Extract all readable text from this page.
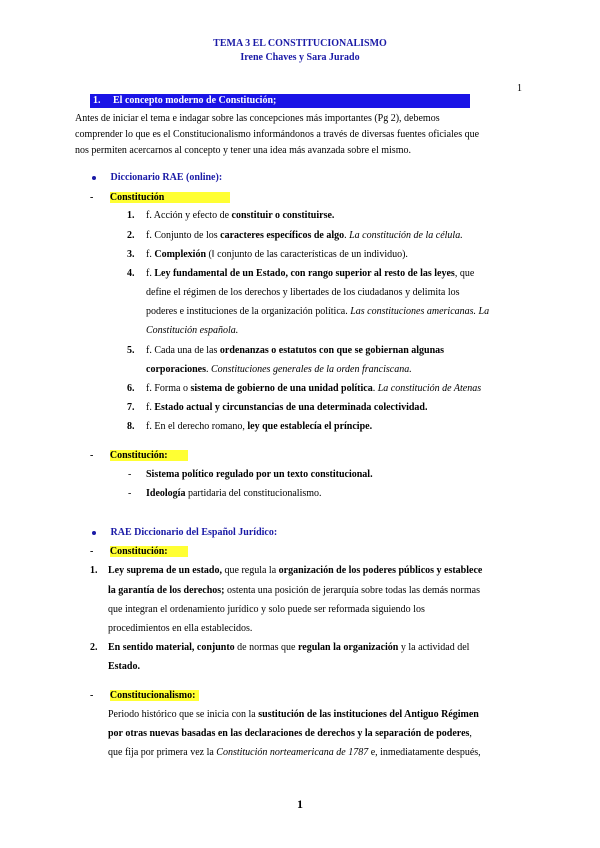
TEMA 3 EL CONSTITUCIONALISMO
Irene Chaves y Sara Jurado
1
1. El concepto moderno de Constitución;
Antes de iniciar el tema e indagar sobre las concepciones más importantes (Pg 2), debemos
comprender lo que es el Constitucionalismo informándonos a través de diversas fuentes oficiales que
nos permiten acercarnos al concepto y tener una idea más avanzada sobre el mismo.
Diccionario RAE (online):
- Constitución
1. f. Acción y efecto de constituir o constituirse.
2. f. Conjunto de los caracteres específicos de algo. La constitución de la célula.
3. f. Complexión (‖ conjunto de las características de un individuo).
4. f. Ley fundamental de un Estado, con rango superior al resto de las leyes, que
define el régimen de los derechos y libertades de los ciudadanos y delimita los
poderes e instituciones de la organización política. Las constituciones americanas. La
Constitución española.
5. f. Cada una de las ordenanzas o estatutos con que se gobiernan algunas
corporaciones. Constituciones generales de la orden franciscana.
6. f. Forma o sistema de gobierno de una unidad política. La constitución de Atenas
7. f. Estado actual y circunstancias de una determinada colectividad.
8. f. En el derecho romano, ley que establecía el príncipe.
- Constitución:
- Sistema político regulado por un texto constitucional.
- Ideología partidaria del constitucionalismo.
RAE Diccionario del Español Jurídico:
- Constitución:
1. Ley suprema de un estado, que regula la organización de los poderes públicos y establece
la garantía de los derechos; ostenta una posición de jerarquía sobre todas las demás normas
que integran el ordenamiento jurídico y solo puede ser reformada siguiendo los
procedimientos en ella establecidos.
2. En sentido material, conjunto de normas que regulan la organización y la actividad del
Estado.
- Constitucionalismo:
Periodo histórico que se inicia con la sustitución de las instituciones del Antiguo Régimen
por otras nuevas basadas en las declaraciones de derechos y la separación de poderes,
que fija por primera vez la Constitución norteamericana de 1787 e, inmediatamente después,
1
